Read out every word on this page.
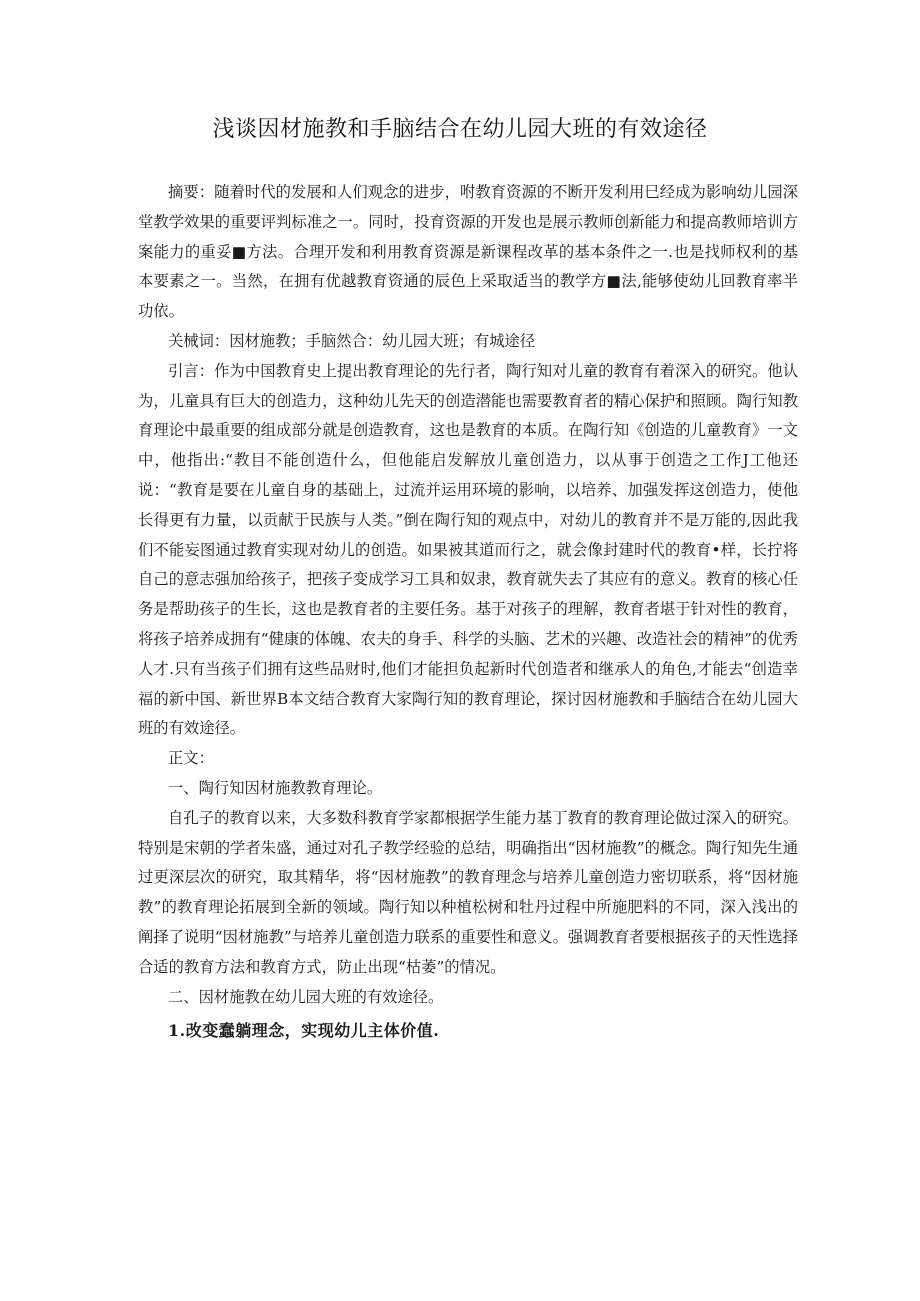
浅谈因材施教和手脑结合在幼儿园大班的有效途径

摘要：随着时代的发展和人们观念的进步，咐教育资源的不断开发利用巳经成为影响幼儿园深堂教学效果的重要评判标准之一。同时，投育资源的开发也是展示教师创新能力和提高教师培训方案能力的重妥■方法。合理开发和利用教育资源是新课程改革的基本条件之一.也是找师权利的基本要素之一。当然，在拥有优越教育资通的辰色上采取适当的教学方■法,能够使幼儿回教育率半功依。

关械词：因材施教；手脑然合：幼儿园大班；有城途径

引言：作为中国教育史上提出教育理论的先行者，陶行知对儿童的教育有着深入的研究。他认为，儿童具有巨大的创造力，这种幼儿先天的创造潜能也需要教育者的精心保护和照顾。陶行知教育理论中最重要的组成部分就是创造教育，这也是教育的本质。在陶行知《创造的儿童教育》一文中，他指出:“教目不能创造什么，但他能启发解放儿童创造力，以从事于创造之工作J工他还说：“教育是要在儿童自身的基础上，过流并运用环境的影响，以培养、加强发挥这创造力，使他长得更有力量，以贡献于民族与人类。”倒在陶行知的观点中，对幼儿的教育并不是万能的,因此我们不能妄图通过教育实现对幼儿的创造。如果被其道而行之，就会像封建时代的教育•样，长拧将自己的意志强加给孩子，把孩子变成学习工具和奴隶，教育就失去了其应有的意义。教育的核心任务是帮助孩子的生长，这也是教育者的主要任务。基于对孩子的理解，教育者堪于针对性的教育，将孩子培养成拥有“健康的体魄、农夫的身手、科学的头脑、艺术的兴趣、改造社会的精神”的优秀人才.只有当孩子们拥有这些品财时,他们才能担负起新时代创造者和继承人的角色,才能去“创造幸福的新中国、新世界B本文结合教育大家陶行知的教育理论，探讨因材施教和手脑结合在幼儿园大班的有效途径。

正文：

一、陶行知因材施教教育理论。

自孔子的教育以来，大多数科教育学家都根据学生能力基丁教育的教育理论做过深入的研究。特别是宋朝的学者朱盛，通过对孔子教学经验的总结，明确指出“因材施教”的概念。陶行知先生通过更深层次的研究，取其精华，将“因材施教”的教育理念与培养儿童创造力密切联系，将“因材施教”的教育理论拓展到全新的领域。陶行知以种植松树和牡丹过程中所施肥料的不同，深入浅出的阐择了说明“因材施教”与培养儿童创造力联系的重要性和意义。强调教育者要根据孩子的天性选择合适的教育方法和教育方式，防止出现“枯萎”的情况。

二、因材施教在幼儿园大班的有效途径。

1.改变蠢躺理念，实现幼儿主体价值.
